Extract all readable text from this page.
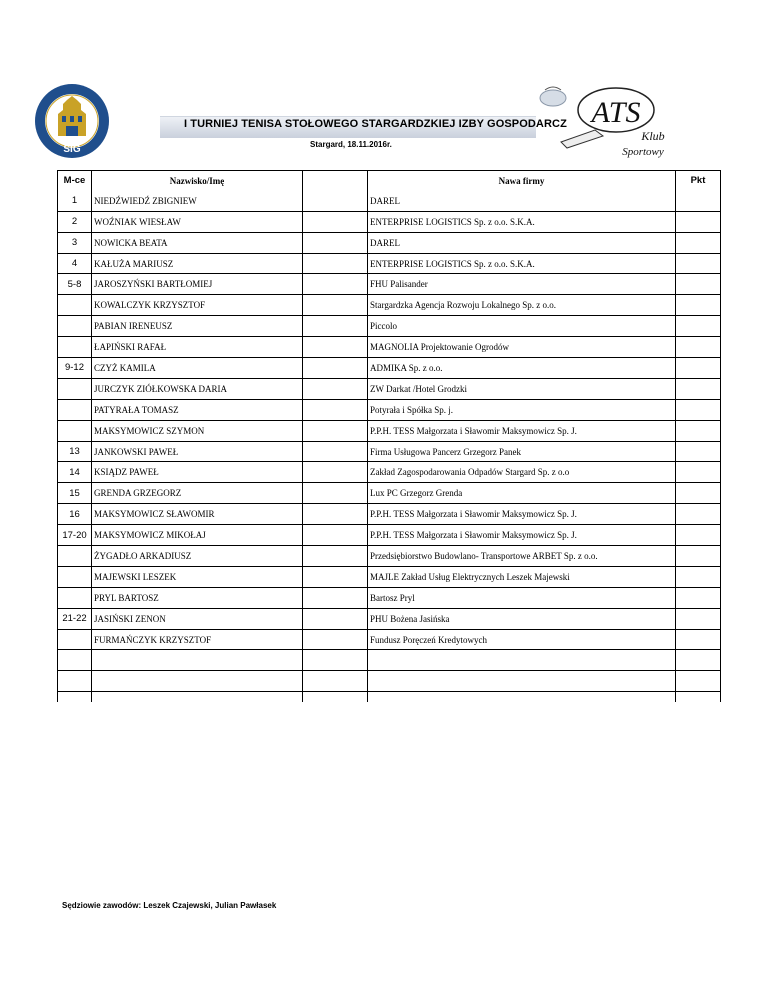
SIG
ATS
Klub
Sportowy
I TURNIEJ TENISA STOŁOWEGO STARGARDZKIEJ IZBY GOSPODARCZ
Stargard, 18.11.2016r.
M-ce	Nazwisko/Imę		Nawa firmy	Pkt
1	NIEDŹWIEDŹ ZBIGNIEW		DAREL	
2	WOŹNIAK WIESŁAW		ENTERPRISE LOGISTICS Sp. z o.o. S.K.A.	
3	NOWICKA BEATA		DAREL	
4	KAŁUŻA MARIUSZ		ENTERPRISE LOGISTICS Sp. z o.o. S.K.A.	
5-8	JAROSZYŃSKI BARTŁOMIEJ		FHU Palisander	
	KOWALCZYK KRZYSZTOF		Stargardzka Agencja Rozwoju Lokalnego Sp. z o.o.	
	PABIAN IRENEUSZ		Piccolo	
	ŁAPIŃSKI RAFAŁ		MAGNOLIA Projektowanie Ogrodów	
9-12	CZYŻ KAMILA		ADMIKA Sp. z o.o.	
	JURCZYK ZIÓŁKOWSKA DARIA		ZW Darkat /Hotel Grodzki	
	PATYRAŁA TOMASZ		Potyrała i Spółka Sp. j.	
	MAKSYMOWICZ SZYMON		P.P.H. TESS Małgorzata i Sławomir Maksymowicz Sp. J.	
13	JANKOWSKI PAWEŁ		Firma Usługowa Pancerz Grzegorz Panek	
14	KSIĄDZ PAWEŁ		Zakład Zagospodarowania Odpadów Stargard Sp. z o.o	
15	GRENDA GRZEGORZ		Lux PC Grzegorz Grenda	
16	MAKSYMOWICZ SŁAWOMIR		P.P.H. TESS Małgorzata i Sławomir Maksymowicz Sp. J.	
17-20	MAKSYMOWICZ MIKOŁAJ		P.P.H. TESS Małgorzata i Sławomir Maksymowicz Sp. J.	
	ŻYGADŁO ARKADIUSZ		Przedsiębiorstwo Budowlano- Transportowe ARBET Sp. z o.o.	
	MAJEWSKI LESZEK		MAJLE Zakład Usług Elektrycznych Leszek Majewski	
	PRYL BARTOSZ		Bartosz Pryl	
21-22	JASIŃSKI ZENON		PHU Bożena Jasińska	
	FURMAŃCZYK KRZYSZTOF		Fundusz Poręczeń Kredytowych	

Sędziowie zawodów: Leszek Czajewski, Julian Pawłasek
